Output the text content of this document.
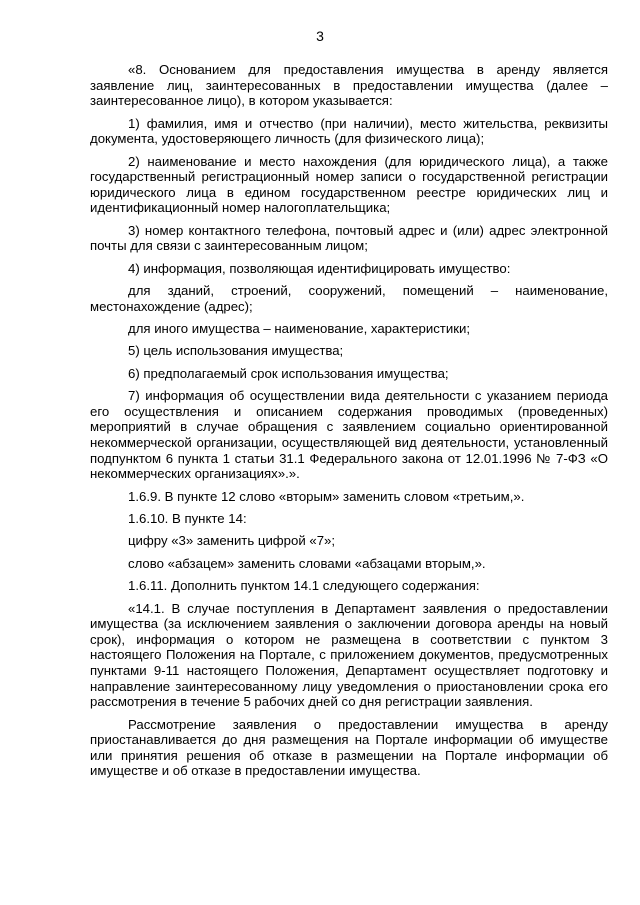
3

«8. Основанием для предоставления имущества в аренду является заявление лиц, заинтересованных в предоставлении имущества (далее – заинтересованное лицо), в котором указывается:

1) фамилия, имя и отчество (при наличии), место жительства, реквизиты документа, удостоверяющего личность (для физического лица);

2) наименование и место нахождения (для юридического лица), а также государственный регистрационный номер записи о государственной регистрации юридического лица в едином государственном реестре юридических лиц и идентификационный номер налогоплательщика;

3) номер контактного телефона, почтовый адрес и (или) адрес электронной почты для связи с заинтересованным лицом;

4) информация, позволяющая идентифицировать имущество:

для зданий, строений, сооружений, помещений – наименование, местонахождение (адрес);

для иного имущества – наименование, характеристики;

5) цель использования имущества;

6) предполагаемый срок использования имущества;

7) информация об осуществлении вида деятельности с указанием периода его осуществления и описанием содержания проводимых (проведенных) мероприятий в случае обращения с заявлением социально ориентированной некоммерческой организации, осуществляющей вид деятельности, установленный подпунктом 6 пункта 1 статьи 31.1 Федерального закона от 12.01.1996 № 7-ФЗ «О некоммерческих организациях».».

1.6.9. В пункте 12 слово «вторым» заменить словом «третьим,».

1.6.10. В пункте 14:

цифру «3» заменить цифрой «7»;

слово «абзацем» заменить словами «абзацами вторым,».

1.6.11. Дополнить пунктом 14.1 следующего содержания:

«14.1. В случае поступления в Департамент заявления о предоставлении имущества (за исключением заявления о заключении договора аренды на новый срок), информация о котором не размещена в соответствии с пунктом 3 настоящего Положения на Портале, с приложением документов, предусмотренных пунктами 9-11 настоящего Положения, Департамент осуществляет подготовку и направление заинтересованному лицу уведомления о приостановлении срока его рассмотрения в течение 5 рабочих дней со дня регистрации заявления.

Рассмотрение заявления о предоставлении имущества в аренду приостанавливается до дня размещения на Портале информации об имуществе или принятия решения об отказе в размещении на Портале информации об имуществе и об отказе в предоставлении имущества.
